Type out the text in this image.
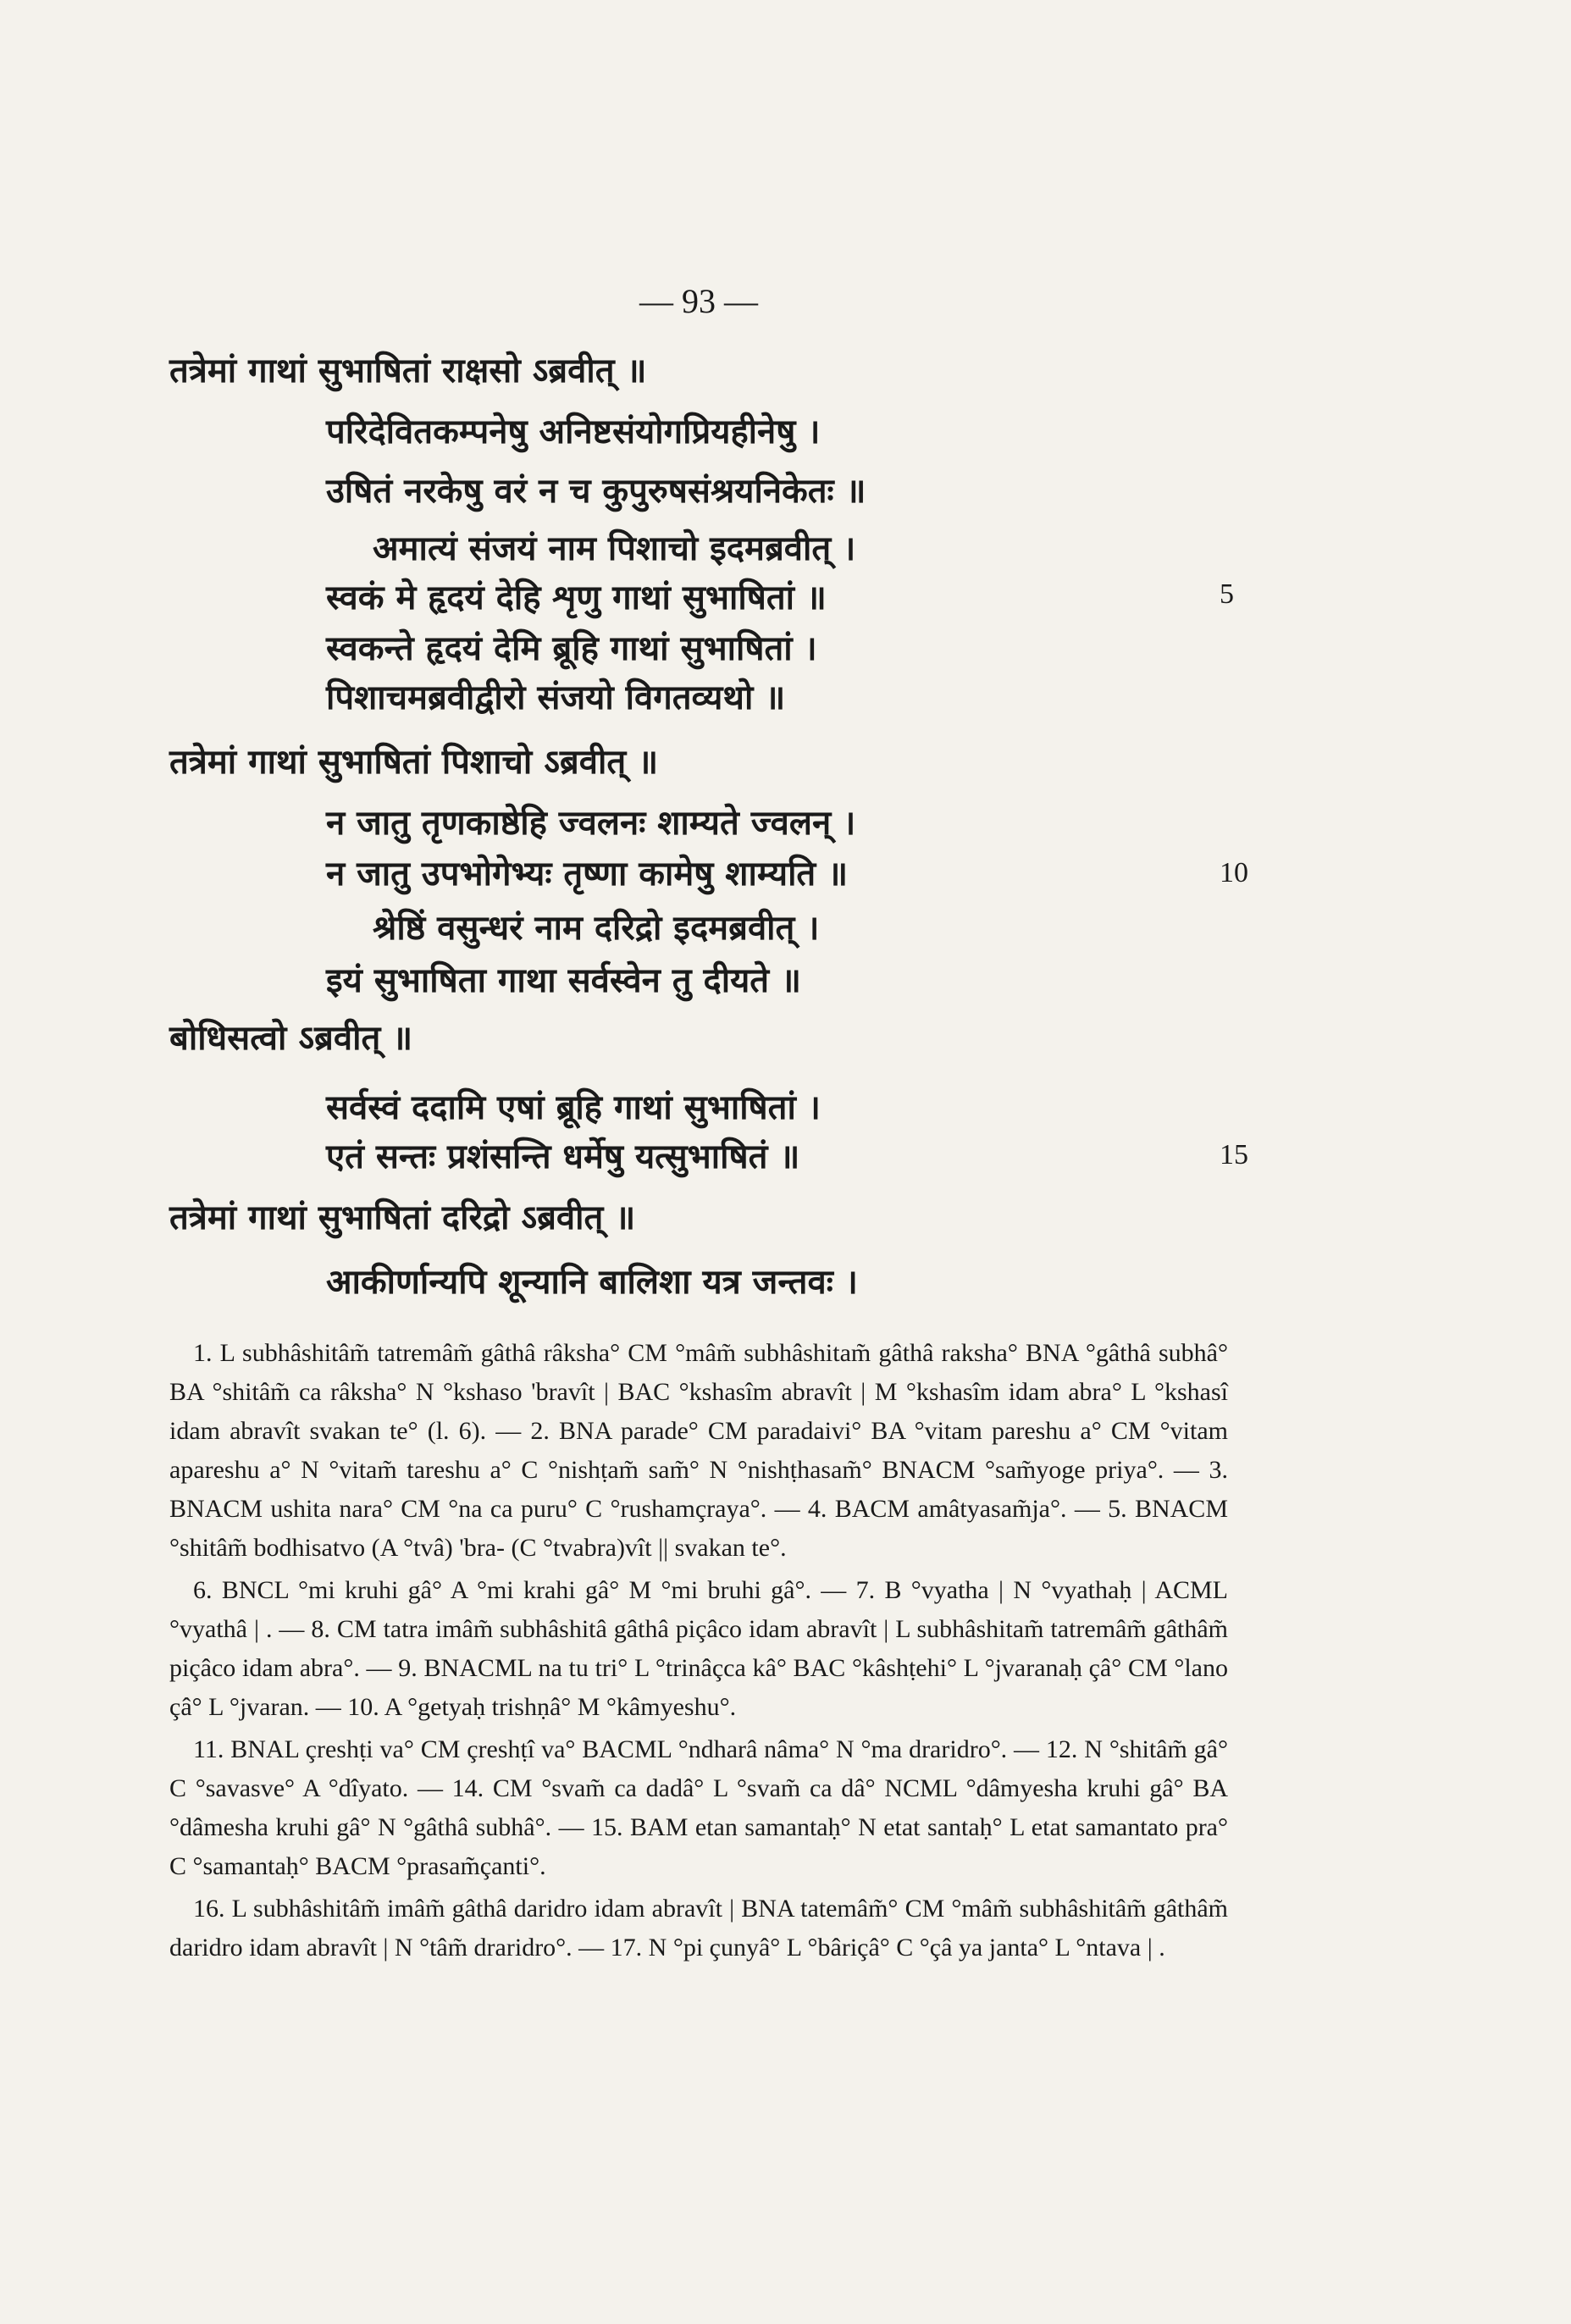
— 93 —
तत्रेमां गाथां सुभाषितां राक्षसो ऽब्रवीत् ॥
परिदेवितकम्पनेषु अनिष्टसंयोगप्रियहीनेषु ।
उषितं नरकेषु वरं न च कुपुरुषसंश्रयनिकेतः ॥
अमात्यं संजयं नाम पिशाचो इदमब्रवीत् ।
स्वकं मे हृदयं देहि शृणु गाथां सुभाषितां ॥
स्वकन्ते हृदयं देमि ब्रूहि गाथां सुभाषितां ।
पिशाचमब्रवीद्वीरो संजयो विगतव्यथो ॥
तत्रेमां गाथां सुभाषितां पिशाचो ऽब्रवीत् ॥
न जातु तृणकाष्ठेहि ज्वलनः शाम्यते ज्वलन् ।
न जातु उपभोगेभ्यः तृष्णा कामेषु शाम्यति ॥
श्रेष्ठिं वसुन्धरं नाम दरिद्रो इदमब्रवीत् ।
इयं सुभाषिता गाथा सर्वस्वेन तु दीयते ॥
बोधिसत्वो ऽब्रवीत् ॥
सर्वस्वं ददामि एषां ब्रूहि गाथां सुभाषितां ।
एतं सन्तः प्रशंसन्ति धर्मेषु यत्सुभाषितं ॥
तत्रेमां गाथां सुभाषितां दरिद्रो ऽब्रवीत् ॥
आकीर्णान्यपि शून्यानि बालिशा यत्र जन्तवः ।
5
10
15

1. L subhâshitâm̃ tatremâm̃ gâthâ râksha° CM °mâm̃ subhâshitam̃ gâthâ raksha° BNA °gâthâ subhâ° BA °shitâm̃ ca râksha° N °kshaso 'bravît | BAC °kshasîm abravît | M °kshasîm idam abra° L °kshasî idam abravît svakan te° (l. 6). — 2. BNA parade° CM paradaivi° BA °vitam pareshu a° CM °vitam apareshu a° N °vitam̃ tareshu a° C °nishṭam̃ sam̃° N °nishṭhasam̃° BNACM °sam̃yoge priya°. — 3. BNACM ushita nara° CM °na ca puru° C °rushamçraya°. — 4. BACM amâtyasam̃ja°. — 5. BNACM °shitâm̃ bodhisatvo (A °tvâ) 'bra- (C °tvabra)vît || svakan te°.

6. BNCL °mi kruhi gâ° A °mi krahi gâ° M °mi bruhi gâ°. — 7. B °vyatha | N °vyathaḥ | ACML °vyathâ | . — 8. CM tatra imâm̃ subhâshitâ gâthâ piçâco idam abravît | L subhâshitam̃ tatremâm̃ gâthâm̃ piçâco idam abra°. — 9. BNACML na tu tri° L °trinâçca kâ° BAC °kâshṭehi° L °jvaranaḥ çâ° CM °lano çâ° L °jvaran. — 10. A °getyaḥ trishṇâ° M °kâmyeshu°.

11. BNAL çreshṭi va° CM çreshṭî va° BACML °ndharâ nâma° N °ma draridro°. — 12. N °shitâm̃ gâ° C °savasve° A °dîyato. — 14. CM °svam̃ ca dadâ° L °svam̃ ca dâ° NCML °dâmyesha kruhi gâ° BA °dâmesha kruhi gâ° N °gâthâ subhâ°. — 15. BAM etan samantaḥ° N etat santaḥ° L etat samantato pra° C °samantaḥ° BACM °prasam̃çanti°.

16. L subhâshitâm̃ imâm̃ gâthâ daridro idam abravît | BNA tatemâm̃° CM °mâm̃ subhâshitâm̃ gâthâm̃ daridro idam abravît | N °tâm̃ draridro°. — 17. N °pi çunyâ° L °bâriçâ° C °çâ ya janta° L °ntava | .
